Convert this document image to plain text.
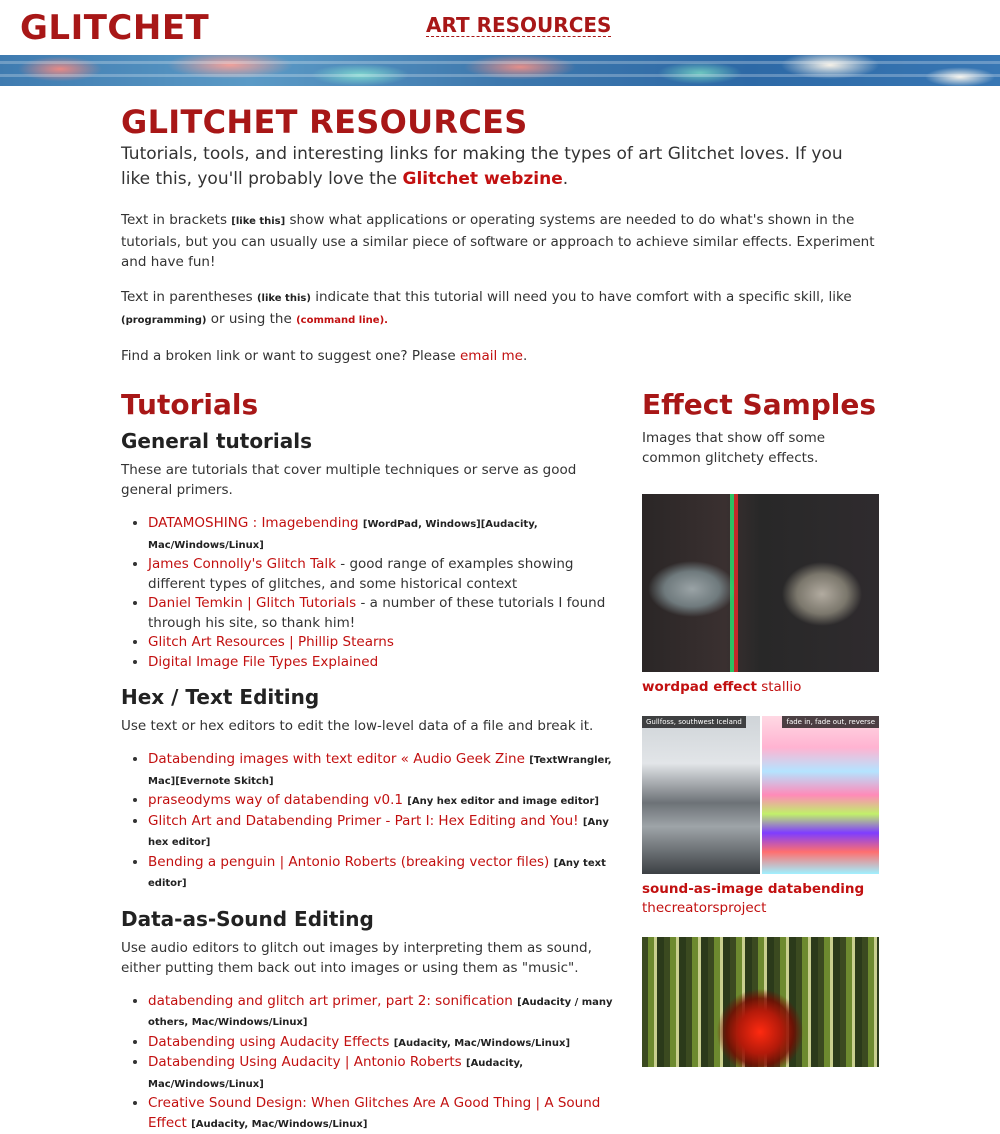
GLITCHET	ART RESOURCES
GLITCHET RESOURCES
Tutorials, tools, and interesting links for making the types of art Glitchet loves. If you like this, you'll probably love the Glitchet webzine.

Text in brackets [like this] show what applications or operating systems are needed to do what's shown in the tutorials, but you can usually use a similar piece of software or approach to achieve similar effects. Experiment and have fun!

Text in parentheses (like this) indicate that this tutorial will need you to have comfort with a specific skill, like (programming) or using the (command line).

Find a broken link or want to suggest one? Please email me.

Tutorials
General tutorials
These are tutorials that cover multiple techniques or serve as good general primers.
• DATAMOSHING : Imagebending [WordPad, Windows][Audacity, Mac/Windows/Linux]
• James Connolly's Glitch Talk - good range of examples showing different types of glitches, and some historical context
• Daniel Temkin | Glitch Tutorials - a number of these tutorials I found through his site, so thank him!
• Glitch Art Resources | Phillip Stearns
• Digital Image File Types Explained
Hex / Text Editing
Use text or hex editors to edit the low-level data of a file and break it.
• Databending images with text editor « Audio Geek Zine [TextWrangler, Mac][Evernote Skitch]
• praseodyms way of databending v0.1 [Any hex editor and image editor]
• Glitch Art and Databending Primer - Part I: Hex Editing and You! [Any hex editor]
• Bending a penguin | Antonio Roberts (breaking vector files) [Any text editor]
Data-as-Sound Editing
Use audio editors to glitch out images by interpreting them as sound, either putting them back out into images or using them as "music".
• databending and glitch art primer, part 2: sonification [Audacity / many others, Mac/Windows/Linux]
• Databending using Audacity Effects [Audacity, Mac/Windows/Linux]
• Databending Using Audacity | Antonio Roberts [Audacity, Mac/Windows/Linux]
• Creative Sound Design: When Glitches Are A Good Thing | A Sound Effect [Audacity, Mac/Windows/Linux]
Effect Samples
Images that show off some common glitchety effects.
wordpad effect stallio
Gullfoss, southwest Iceland	fade in, fade out, reverse
sound-as-image databending
thecreatorsproject
